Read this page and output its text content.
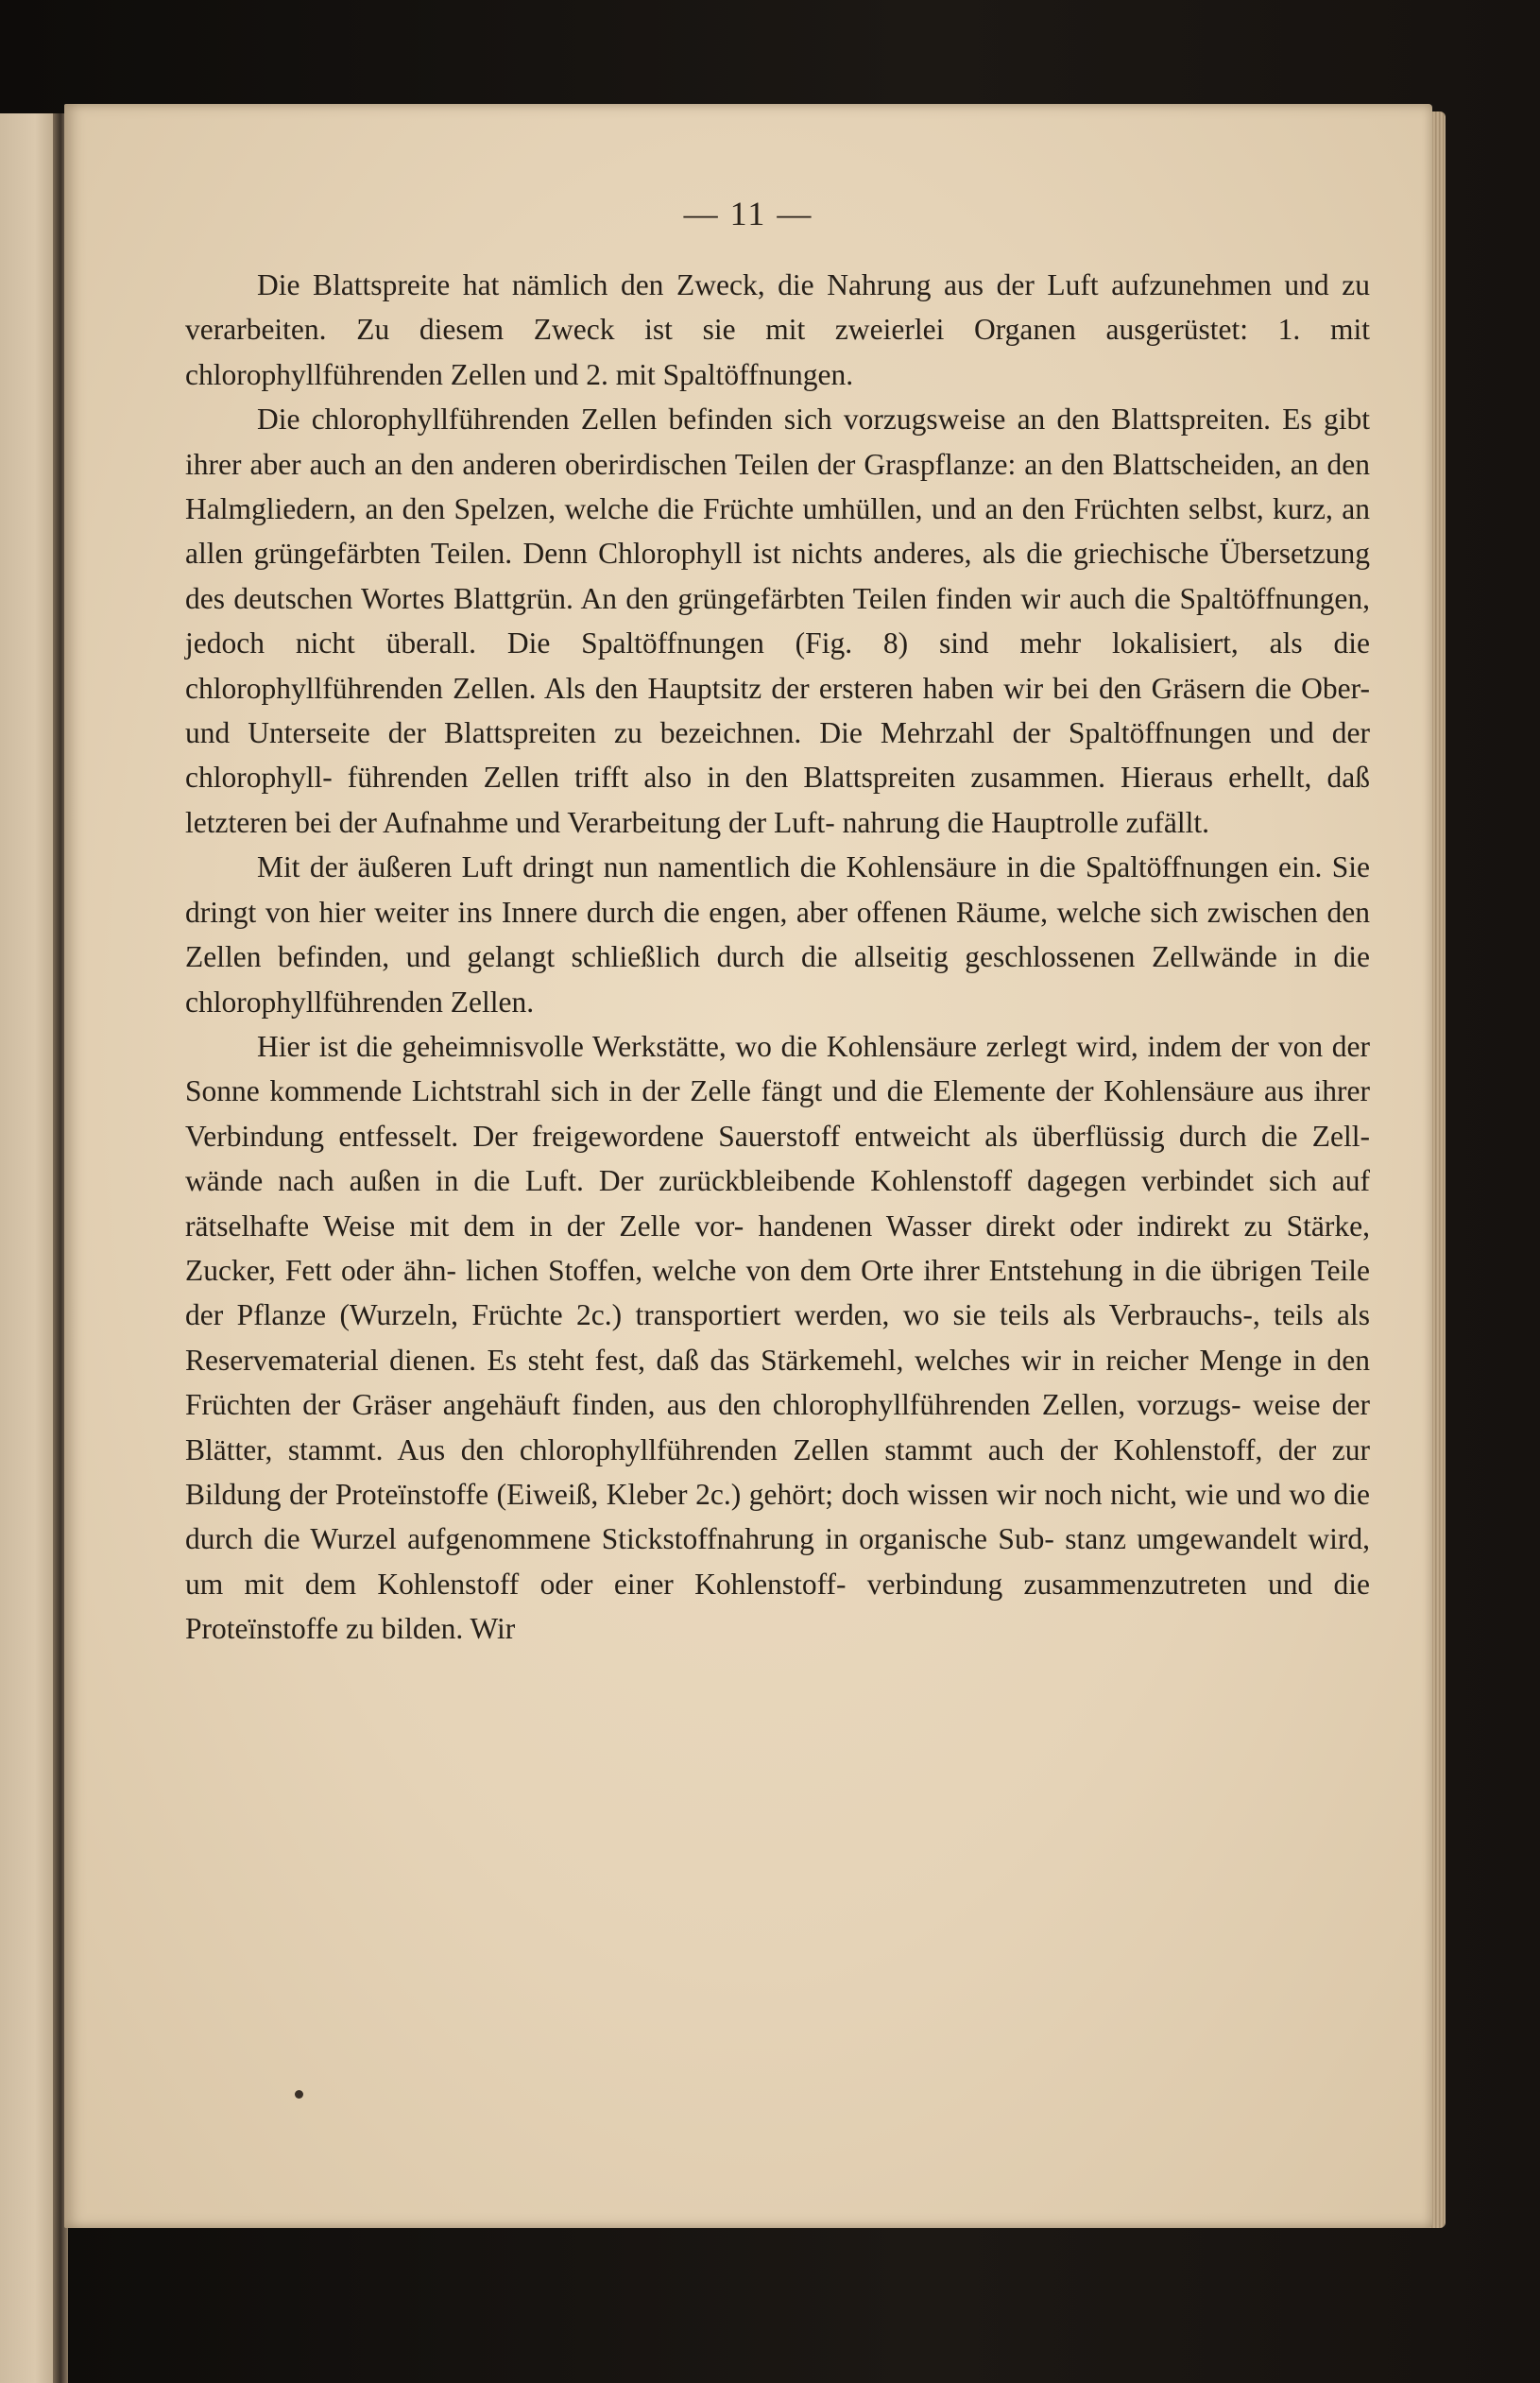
— 11 —

Die Blattspreite hat nämlich den Zweck, die Nahrung aus der Luft aufzunehmen und zu verarbeiten. Zu diesem Zweck ist sie mit zweierlei Organen ausgerüstet: 1. mit chlorophyllführenden Zellen und 2. mit Spaltöffnungen.

Die chlorophyllführenden Zellen befinden sich vorzugsweise an den Blattspreiten. Es gibt ihrer aber auch an den anderen oberirdischen Teilen der Graspflanze: an den Blattscheiden, an den Halmgliedern, an den Spelzen, welche die Früchte umhüllen, und an den Früchten selbst, kurz, an allen grüngefärbten Teilen. Denn Chlorophyll ist nichts anderes, als die griechische Übersetzung des deutschen Wortes Blattgrün. An den grüngefärbten Teilen finden wir auch die Spaltöffnungen, jedoch nicht überall. Die Spaltöffnungen (Fig. 8) sind mehr lokalisiert, als die chlorophyllführenden Zellen. Als den Hauptsitz der ersteren haben wir bei den Gräsern die Ober- und Unterseite der Blattspreiten zu bezeichnen. Die Mehrzahl der Spaltöffnungen und der chlorophyll- führenden Zellen trifft also in den Blattspreiten zusammen. Hieraus erhellt, daß letzteren bei der Aufnahme und Verarbeitung der Luft- nahrung die Hauptrolle zufällt.

Mit der äußeren Luft dringt nun namentlich die Kohlensäure in die Spaltöffnungen ein. Sie dringt von hier weiter ins Innere durch die engen, aber offenen Räume, welche sich zwischen den Zellen befinden, und gelangt schließlich durch die allseitig geschlossenen Zellwände in die chlorophyllführenden Zellen.

Hier ist die geheimnisvolle Werkstätte, wo die Kohlensäure zerlegt wird, indem der von der Sonne kommende Lichtstrahl sich in der Zelle fängt und die Elemente der Kohlensäure aus ihrer Verbindung entfesselt. Der freigewordene Sauerstoff entweicht als überflüssig durch die Zell- wände nach außen in die Luft. Der zurückbleibende Kohlenstoff dagegen verbindet sich auf rätselhafte Weise mit dem in der Zelle vor- handenen Wasser direkt oder indirekt zu Stärke, Zucker, Fett oder ähn- lichen Stoffen, welche von dem Orte ihrer Entstehung in die übrigen Teile der Pflanze (Wurzeln, Früchte 2c.) transportiert werden, wo sie teils als Verbrauchs-, teils als Reservematerial dienen. Es steht fest, daß das Stärkemehl, welches wir in reicher Menge in den Früchten der Gräser angehäuft finden, aus den chlorophyllführenden Zellen, vorzugs- weise der Blätter, stammt. Aus den chlorophyllführenden Zellen stammt auch der Kohlenstoff, der zur Bildung der Proteïnstoffe (Eiweiß, Kleber 2c.) gehört; doch wissen wir noch nicht, wie und wo die durch die Wurzel aufgenommene Stickstoffnahrung in organische Sub- stanz umgewandelt wird, um mit dem Kohlenstoff oder einer Kohlenstoff- verbindung zusammenzutreten und die Proteïnstoffe zu bilden. Wir
